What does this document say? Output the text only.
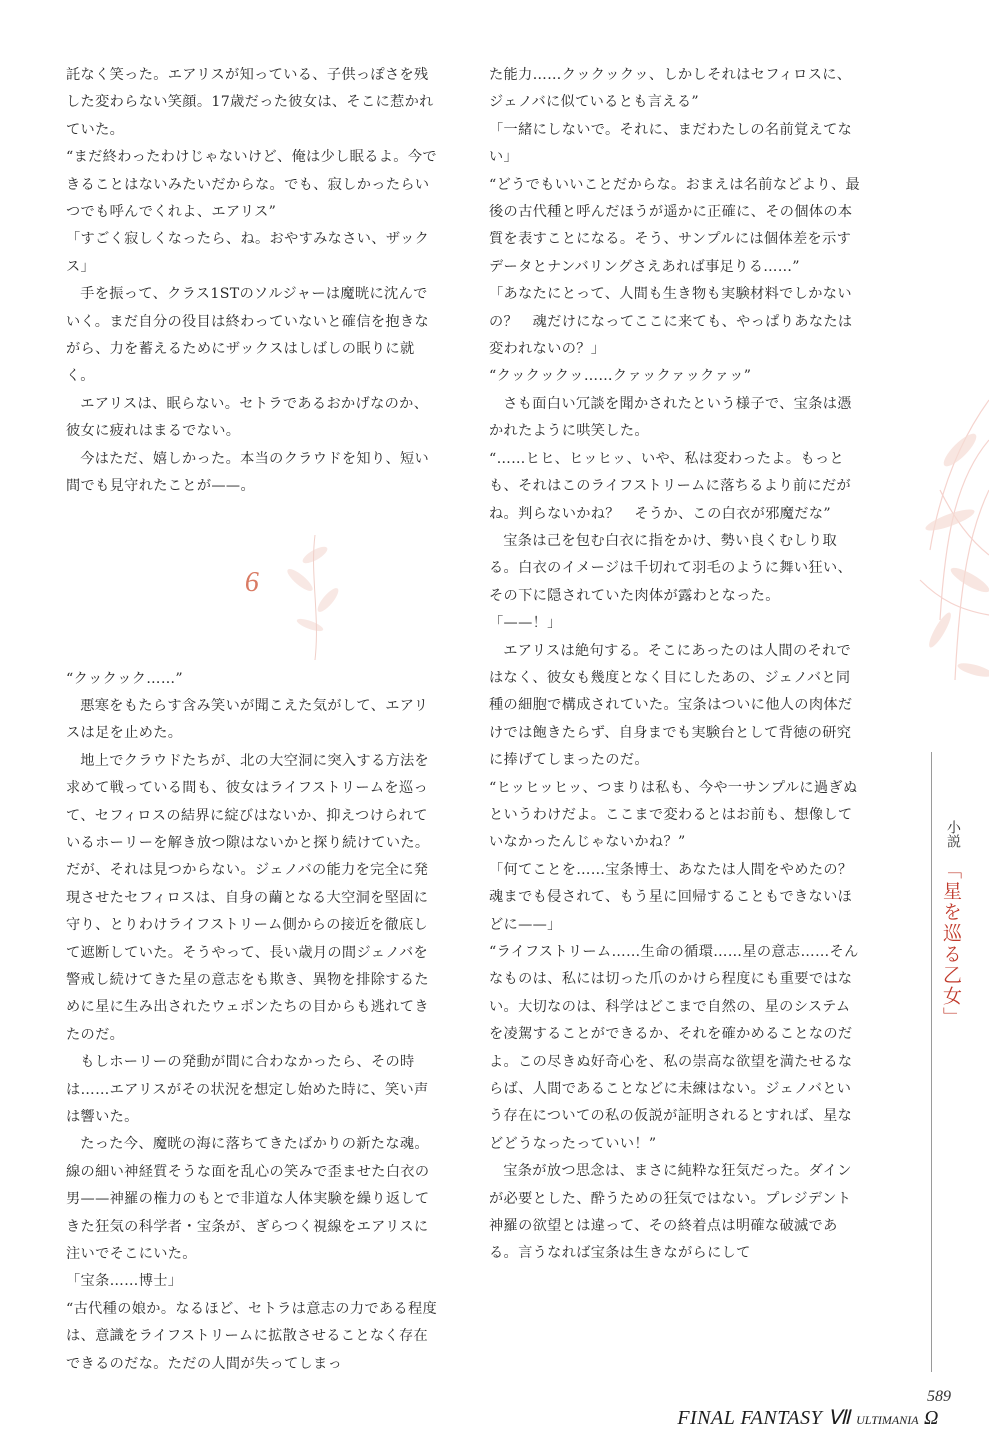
託なく笑った。エアリスが知っている、子供っぽさを残した変わらない笑顔。17歳だった彼女は、そこに惹かれていた。

“まだ終わったわけじゃないけど、俺は少し眠るよ。今できることはないみたいだからな。でも、寂しかったらいつでも呼んでくれよ、エアリス”

「すごく寂しくなったら、ね。おやすみなさい、ザックス」

手を振って、クラス1STのソルジャーは魔晄に沈んでいく。まだ自分の役目は終わっていないと確信を抱きながら、力を蓄えるためにザックスはしばしの眠りに就く。

エアリスは、眠らない。セトラであるおかげなのか、彼女に疲れはまるでない。

今はただ、嬉しかった。本当のクラウドを知り、短い間でも見守れたことが——。

6

“クックック……”

悪寒をもたらす含み笑いが聞こえた気がして、エアリスは足を止めた。

地上でクラウドたちが、北の大空洞に突入する方法を求めて戦っている間も、彼女はライフストリームを巡って、セフィロスの結界に綻びはないか、抑えつけられているホーリーを解き放つ隙はないかと探り続けていた。だが、それは見つからない。ジェノバの能力を完全に発現させたセフィロスは、自身の繭となる大空洞を堅固に守り、とりわけライフストリーム側からの接近を徹底して遮断していた。そうやって、長い歳月の間ジェノバを警戒し続けてきた星の意志をも欺き、異物を排除するために星に生み出されたウェポンたちの目からも逃れてきたのだ。

もしホーリーの発動が間に合わなかったら、その時は……エアリスがその状況を想定し始めた時に、笑い声は響いた。

たった今、魔晄の海に落ちてきたばかりの新たな魂。線の細い神経質そうな面を乱心の笑みで歪ませた白衣の男——神羅の権力のもとで非道な人体実験を繰り返してきた狂気の科学者・宝条が、ぎらつく視線をエアリスに注いでそこにいた。

「宝条……博士」

“古代種の娘か。なるほど、セトラは意志の力である程度は、意識をライフストリームに拡散させることなく存在できるのだな。ただの人間が失ってしまっ

た能力……クックックッ、しかしそれはセフィロスに、ジェノバに似ているとも言える”

「一緒にしないで。それに、まだわたしの名前覚えてない」

“どうでもいいことだからな。おまえは名前などより、最後の古代種と呼んだほうが遥かに正確に、その個体の本質を表すことになる。そう、サンプルには個体差を示すデータとナンバリングさえあれば事足りる……”

「あなたにとって、人間も生き物も実験材料でしかないの？　魂だけになってここに来ても、やっぱりあなたは変われないの？」

“クックックッ……クァックァックァッ”

さも面白い冗談を聞かされたという様子で、宝条は憑かれたように哄笑した。

“……ヒヒ、ヒッヒッ、いや、私は変わったよ。もっとも、それはこのライフストリームに落ちるより前にだがね。判らないかね？　そうか、この白衣が邪魔だな”

宝条は己を包む白衣に指をかけ、勢い良くむしり取る。白衣のイメージは千切れて羽毛のように舞い狂い、その下に隠されていた肉体が露わとなった。

「——！」

エアリスは絶句する。そこにあったのは人間のそれではなく、彼女も幾度となく目にしたあの、ジェノバと同種の細胞で構成されていた。宝条はついに他人の肉体だけでは飽きたらず、自身までも実験台として背徳の研究に捧げてしまったのだ。

“ヒッヒッヒッ、つまりは私も、今や一サンプルに過ぎぬというわけだよ。ここまで変わるとはお前も、想像していなかったんじゃないかね？”

「何てことを……宝条博士、あなたは人間をやめたの？　魂までも侵されて、もう星に回帰することもできないほどに——」

“ライフストリーム……生命の循環……星の意志……そんなものは、私には切った爪のかけら程度にも重要ではない。大切なのは、科学はどこまで自然の、星のシステムを凌駕することができるか、それを確かめることなのだよ。この尽きぬ好奇心を、私の崇高な欲望を満たせるならば、人間であることなどに未練はない。ジェノバという存在についての私の仮説が証明されるとすれば、星などどうなったっていい！”

宝条が放つ思念は、まさに純粋な狂気だった。ダインが必要とした、酔うための狂気ではない。プレジデント神羅の欲望とは違って、その終着点は明確な破滅である。言うなれば宝条は生きながらにして

小説
「星を巡る乙女」
589
FINAL FANTASY Ⅶ ULTIMANIA Ω
